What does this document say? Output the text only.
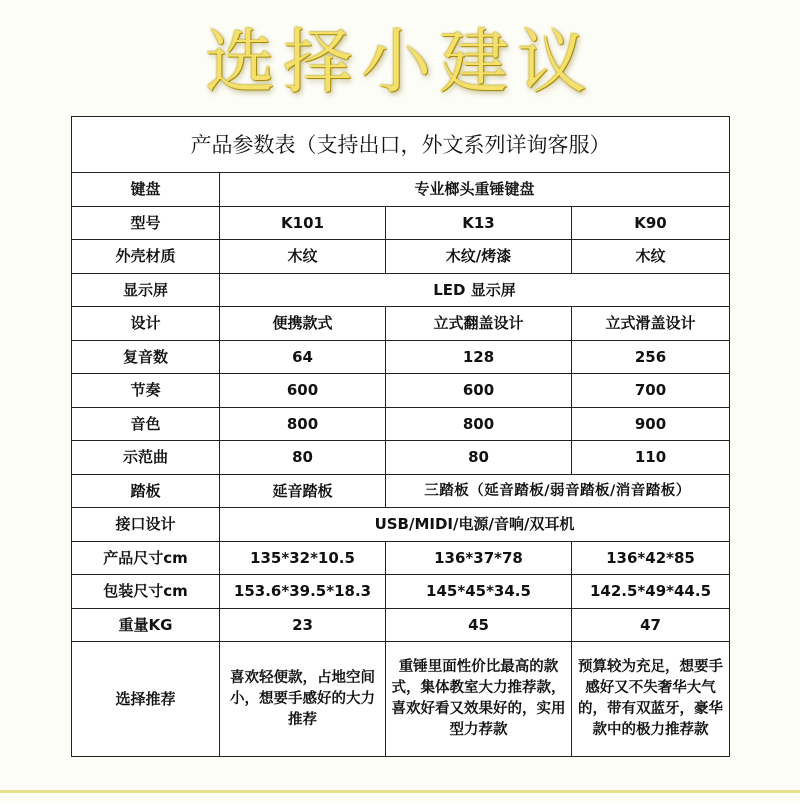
选择小建议
产品参数表（支持出口，外文系列详询客服）			
键盘	专业榔头重锤键盘		
型号	K101	K13	K90
外壳材质	木纹	木纹/烤漆	木纹
显示屏	LED 显示屏		
设计	便携款式	立式翻盖设计	立式滑盖设计
复音数	64	128	256
节奏	600	600	700
音色	800	800	900
示范曲	80	80	110
踏板	延音踏板	三踏板（延音踏板/弱音踏板/消音踏板）	
接口设计	USB/MIDI/电源/音响/双耳机		
产品尺寸cm	135*32*10.5	136*37*78	136*42*85
包装尺寸cm	153.6*39.5*18.3	145*45*34.5	142.5*49*44.5
重量KG	23	45	47
选择推荐	喜欢轻便款，占地空间小，想要手感好的大力推荐	重锤里面性价比最高的款式，集体教室大力推荐款，喜欢好看又效果好的，实用型力荐款	预算较为充足，想要手感好又不失奢华大气的，带有双蓝牙，豪华款中的极力推荐款
